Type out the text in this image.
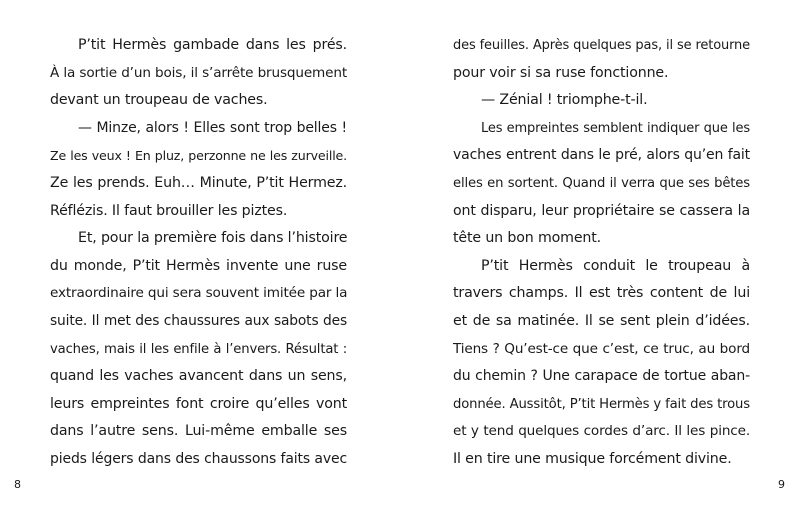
P’tit Hermès gambade dans les prés.
À la sortie d’un bois, il s’arrête brusquement
devant un troupeau de vaches.
— Minze, alors ! Elles sont trop belles !
Ze les veux ! En pluz, perzonne ne les zurveille.
Ze les prends. Euh… Minute, P’tit Hermez.
Réflézis. Il faut brouiller les piztes.
Et, pour la première fois dans l’histoire
du monde, P’tit Hermès invente une ruse
extraordinaire qui sera souvent imitée par la
suite. Il met des chaussures aux sabots des
vaches, mais il les enfile à l’envers. Résultat :
quand les vaches avancent dans un sens,
leurs empreintes font croire qu’elles vont
dans l’autre sens. Lui-même emballe ses
pieds légers dans des chaussons faits avec
8
des feuilles. Après quelques pas, il se retourne
pour voir si sa ruse fonctionne.
— Zénial ! triomphe-t-il.
Les empreintes semblent indiquer que les
vaches entrent dans le pré, alors qu’en fait
elles en sortent. Quand il verra que ses bêtes
ont disparu, leur propriétaire se cassera la
tête un bon moment.
P’tit Hermès conduit le troupeau à
travers champs. Il est très content de lui
et de sa matinée. Il se sent plein d’idées.
Tiens ? Qu’est-ce que c’est, ce truc, au bord
du chemin ? Une carapace de tortue aban-
donnée. Aussitôt, P’tit Hermès y fait des trous
et y tend quelques cordes d’arc. Il les pince.
Il en tire une musique forcément divine.
9
